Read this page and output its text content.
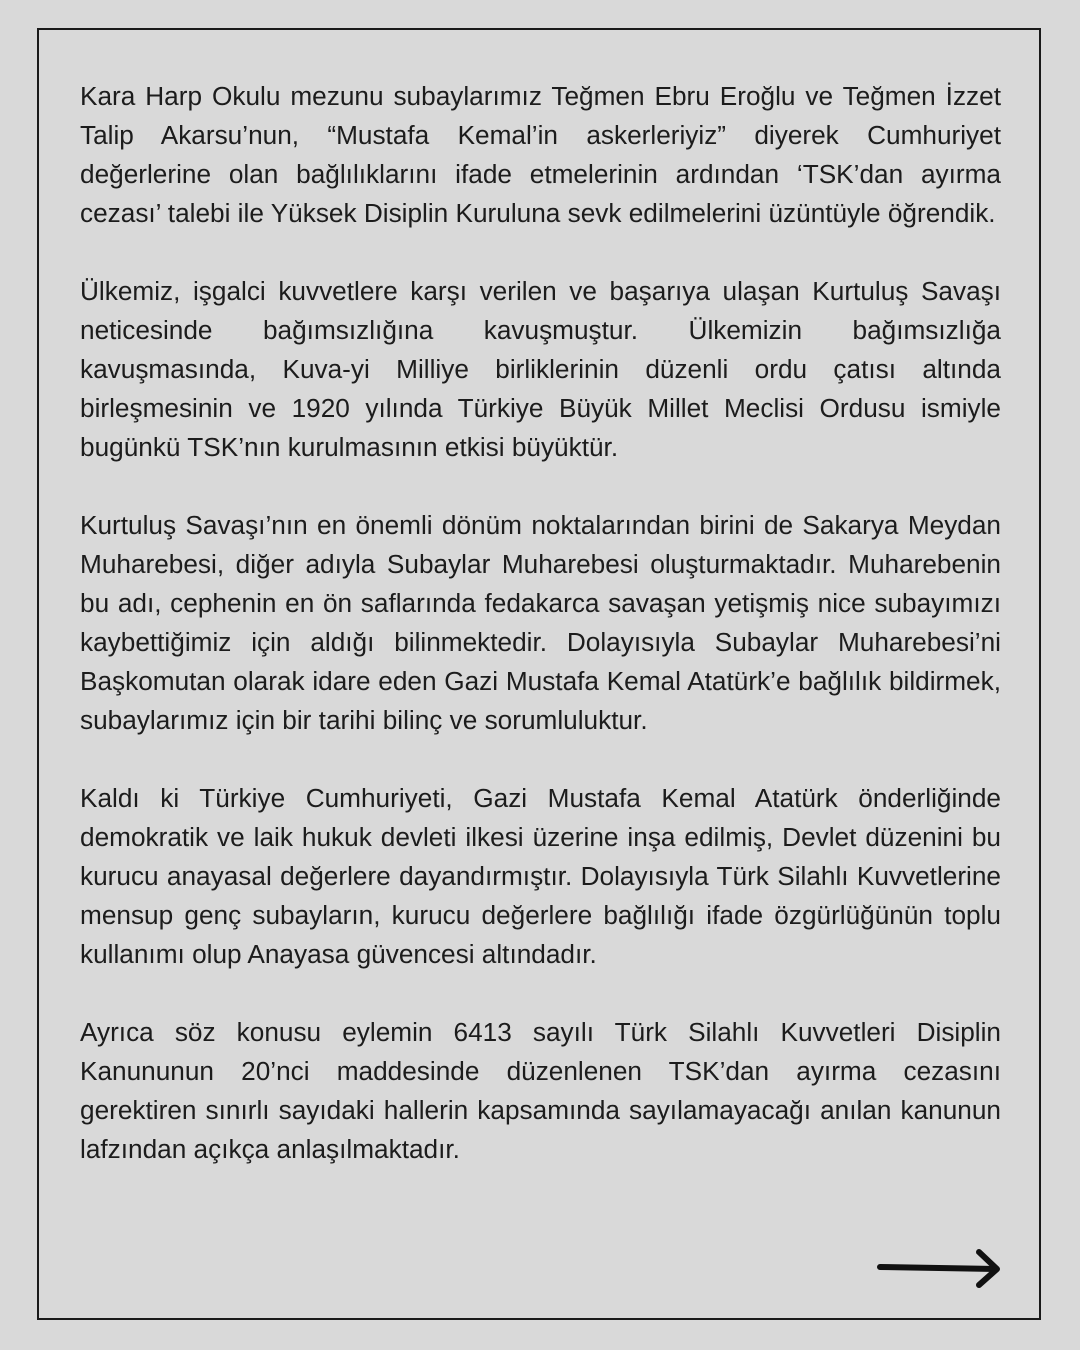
Kara Harp Okulu mezunu subaylarımız Teğmen Ebru Eroğlu ve Teğmen İzzet Talip Akarsu’nun, “Mustafa Kemal’in askerleriyiz” diyerek Cumhuriyet değerlerine olan bağlılıklarını ifade etmelerinin ardından ‘TSK’dan ayırma cezası’ talebi ile Yüksek Disiplin Kuruluna sevk edilmelerini üzüntüyle öğrendik.

Ülkemiz, işgalci kuvvetlere karşı verilen ve başarıya ulaşan Kurtuluş Savaşı neticesinde bağımsızlığına kavuşmuştur. Ülkemizin bağımsızlığa kavuşmasında, Kuva-yi Milliye birliklerinin düzenli ordu çatısı altında birleşmesinin ve 1920 yılında Türkiye Büyük Millet Meclisi Ordusu ismiyle bugünkü TSK’nın kurulmasının etkisi büyüktür.

Kurtuluş Savaşı’nın en önemli dönüm noktalarından birini de Sakarya Meydan Muharebesi, diğer adıyla Subaylar Muharebesi oluşturmaktadır. Muharebenin bu adı, cephenin en ön saflarında fedakarca savaşan yetişmiş nice subayımızı kaybettiğimiz için aldığı bilinmektedir. Dolayısıyla Subaylar Muharebesi’ni Başkomutan olarak idare eden Gazi Mustafa Kemal Atatürk’e bağlılık bildirmek, subaylarımız için bir tarihi bilinç ve sorumluluktur.

Kaldı ki Türkiye Cumhuriyeti, Gazi Mustafa Kemal Atatürk önderliğinde demokratik ve laik hukuk devleti ilkesi üzerine inşa edilmiş, Devlet düzenini bu kurucu anayasal değerlere dayandırmıştır. Dolayısıyla Türk Silahlı Kuvvetlerine mensup genç subayların, kurucu değerlere bağlılığı ifade özgürlüğünün toplu kullanımı olup Anayasa güvencesi altındadır.

Ayrıca söz konusu eylemin 6413 sayılı Türk Silahlı Kuvvetleri Disiplin Kanununun 20’nci maddesinde düzenlenen TSK’dan ayırma cezasını gerektiren sınırlı sayıdaki hallerin kapsamında sayılamayacağı anılan kanunun lafzından açıkça anlaşılmaktadır.
